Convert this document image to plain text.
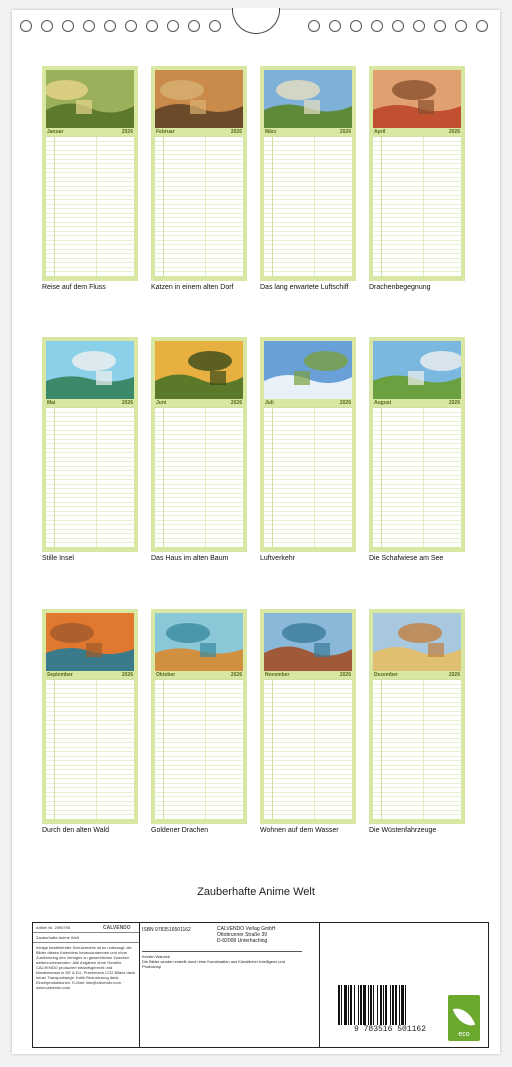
Januar	2026
Reise auf dem Fluss
Februar	2026
Katzen in einem alten Dorf
März	2026
Das lang erwartete Luftschiff
April	2026
Drachenbegegnung
Mai	2026
Stille Insel
Juni	2026
Das Haus im alten Baum
Juli	2026
Luftverkehr
August	2026
Die Schafwiese am See
September	2026
Durch den alten Wald
Oktober	2026
Goldener Drachen
November	2026
Wohnen auf dem Wasser
Dezember	2026
Die Wüstenfahrzeuge
Zauberhafte Anime Welt
Artikel Nr. 2090795	CALVENDO
Zauberhafte Anime Welt
Infolge bestehender Schutzrechte ist es untersagt, die Bilder dieses Kalenders herauszutrennen und ohne Zustimmung des Verlages zu gewerblichen Zwecken weiterzuverwenden. Alle Angaben ohne Gewähr. CALVENDO produziert bedarfsgerecht und klimabewusst in DE & EU. Preshmann CO2 Bilanz dank neuer Transportwege. Kalib Reduzierung dank Einzelproduktionen. E-Mail: info@calvendo.com · www.calvendo.com
ISBN 9783516501162	CALVENDO Verlag GmbH
Ottobrunner Straße 39
D-82008 Unterhaching
Kerstin Waurick
Die Bilder wurden erstellt durch eine Kombination aus Künstlicher Intelligenz und Photoshop
9 783516 501162
eco
